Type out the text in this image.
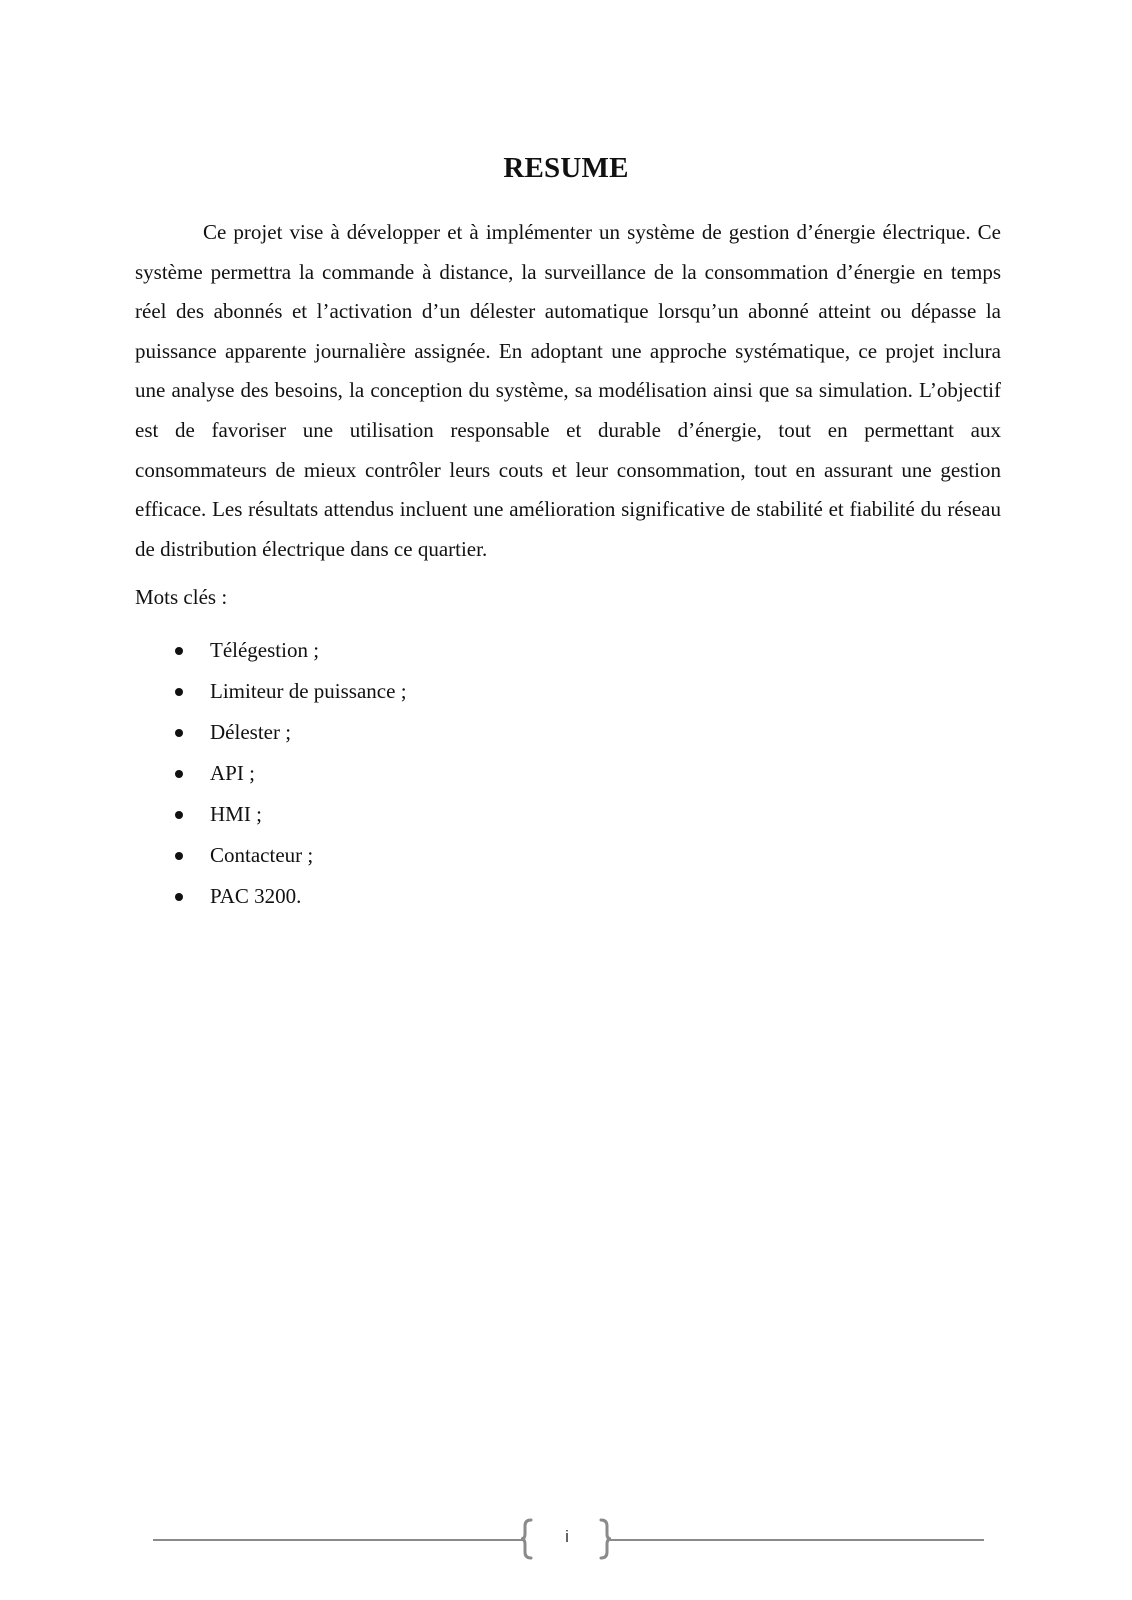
RESUME

Ce projet vise à développer et à implémenter un système de gestion d’énergie électrique. Ce système permettra la commande à distance, la surveillance de la consommation d’énergie en temps réel des abonnés et l’activation d’un délester automatique lorsqu’un abonné atteint ou dépasse la puissance apparente journalière assignée. En adoptant une approche systématique, ce projet inclura une analyse des besoins, la conception du système, sa modélisation ainsi que sa simulation. L’objectif est de favoriser une utilisation responsable et durable d’énergie, tout en permettant aux consommateurs de mieux contrôler leurs couts et leur consommation, tout en assurant une gestion efficace. Les résultats attendus incluent une amélioration significative de stabilité et fiabilité du réseau de distribution électrique dans ce quartier.

Mots clés :

Télégestion ;
Limiteur de puissance ;
Délester ;
API ;
HMI ;
Contacteur ;
PAC 3200.
i
